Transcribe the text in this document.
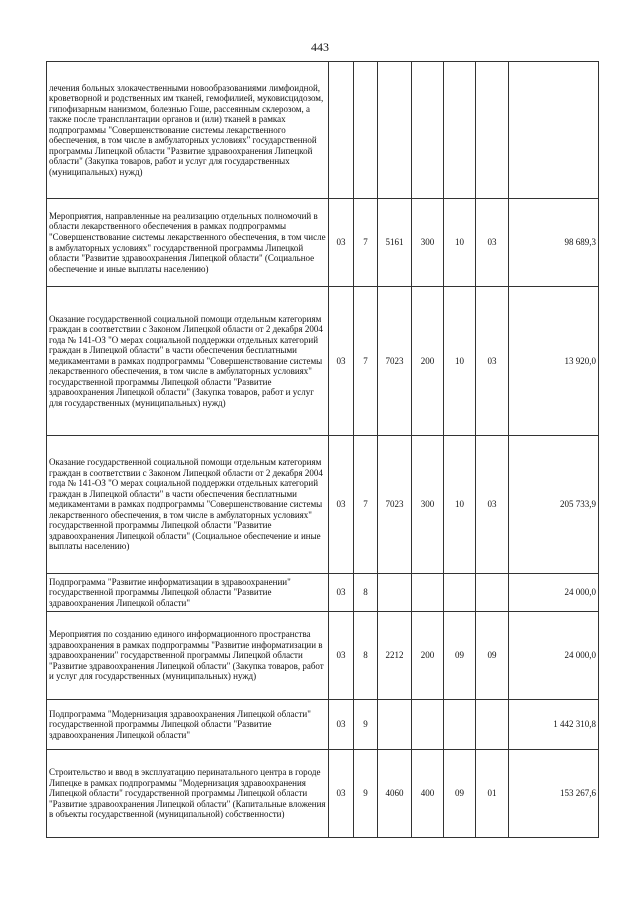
443
лечения больных злокачественными новообразованиями лимфоидной, кроветворной и родственных им тканей, гемофилией, муковисцидозом, гипофизарным нанизмом, болезнью Гоше, рассеянным склерозом, а также после трансплантации органов и (или) тканей в рамках подпрограммы "Совершенствование системы лекарственного обеспечения, в том числе в амбулаторных условиях" государственной программы Липецкой области "Развитие здравоохранения Липецкой области" (Закупка товаров, работ и услуг для государственных (муниципальных) нужд)							
Мероприятия, направленные на реализацию отдельных полномочий в области лекарственного обеспечения в рамках подпрограммы "Совершенствование системы лекарственного обеспечения, в том числе в амбулаторных условиях" государственной программы Липецкой области "Развитие здравоохранения Липецкой области" (Социальное обеспечение и иные выплаты населению)	03	7	5161	300	10	03	98 689,3
Оказание государственной социальной помощи отдельным категориям граждан в соответствии с Законом Липецкой области от 2 декабря 2004 года № 141-ОЗ "О мерах социальной поддержки отдельных категорий граждан в Липецкой области" в части обеспечения бесплатными медикаментами в рамках подпрограммы "Совершенствование системы лекарственного обеспечения, в том числе в амбулаторных условиях" государственной программы Липецкой области "Развитие здравоохранения Липецкой области" (Закупка товаров, работ и услуг для государственных (муниципальных) нужд)	03	7	7023	200	10	03	13 920,0
Оказание государственной социальной помощи отдельным категориям граждан в соответствии с Законом Липецкой области от 2 декабря 2004 года № 141-ОЗ "О мерах социальной поддержки отдельных категорий граждан в Липецкой области" в части обеспечения бесплатными медикаментами в рамках подпрограммы "Совершенствование системы лекарственного обеспечения, в том числе в амбулаторных условиях" государственной программы Липецкой области "Развитие здравоохранения Липецкой области" (Социальное обеспечение и иные выплаты населению)	03	7	7023	300	10	03	205 733,9
Подпрограмма "Развитие информатизации в здравоохранении" государственной программы Липецкой области "Развитие здравоохранения Липецкой области"	03	8					24 000,0
Мероприятия по созданию единого информационного пространства здравоохранения в рамках подпрограммы "Развитие информатизации в здравоохранении" государственной программы Липецкой области "Развитие здравоохранения Липецкой области" (Закупка товаров, работ и услуг для государственных (муниципальных) нужд)	03	8	2212	200	09	09	24 000,0
Подпрограмма "Модернизация здравоохранения Липецкой области" государственной программы Липецкой области "Развитие здравоохранения Липецкой области"	03	9					1 442 310,8
Строительство и ввод в эксплуатацию перинатального центра в городе Липецке в рамках подпрограммы "Модернизация здравоохранения Липецкой области" государственной программы Липецкой области "Развитие здравоохранения Липецкой области" (Капитальные вложения в объекты государственной (муниципальной) собственности)	03	9	4060	400	09	01	153 267,6
